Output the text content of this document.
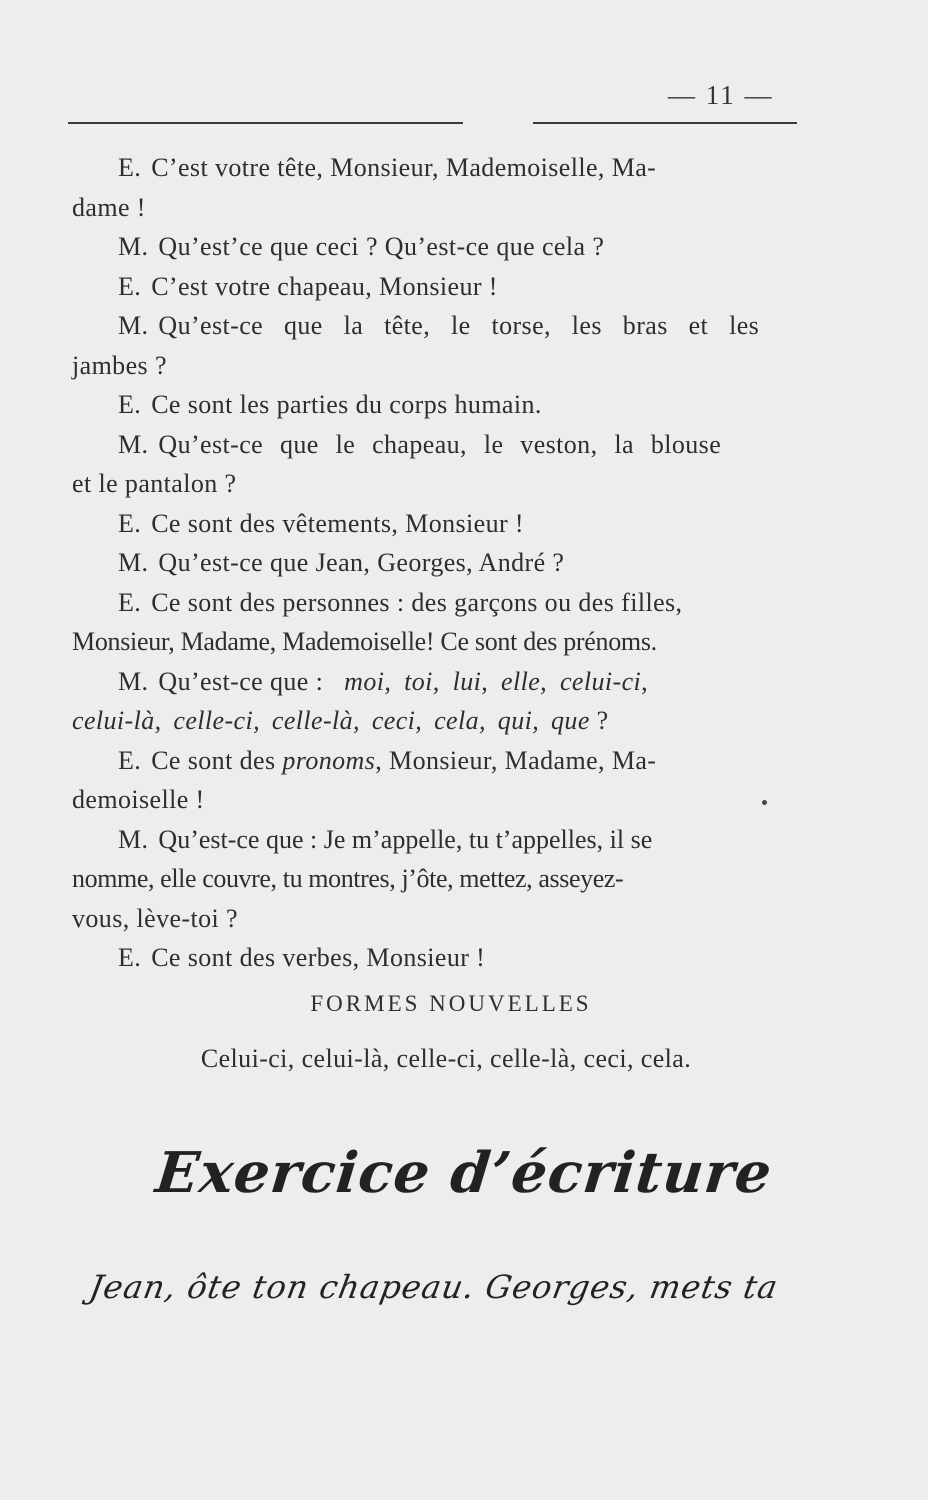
— 11 —
E. C’est votre tête, Monsieur, Mademoiselle, Ma-
dame !
M. Qu’est’ce que ceci ? Qu’est-ce que cela ?
E. C’est votre chapeau, Monsieur !
M. Qu’est-ce que la tête, le torse, les bras et les
jambes ?
E. Ce sont les parties du corps humain.
M. Qu’est-ce que le chapeau, le veston, la blouse
et le pantalon ?
E. Ce sont des vêtements, Monsieur !
M. Qu’est-ce que Jean, Georges, André ?
E. Ce sont des personnes : des garçons ou des filles,
Monsieur, Madame, Mademoiselle! Ce sont des prénoms.
M. Qu’est-ce que : moi, toi, lui, elle, celui-ci,
celui-là, celle-ci, celle-là, ceci, cela, qui, que ?
E. Ce sont des pronoms, Monsieur, Madame, Ma-
demoiselle !
M. Qu’est-ce que : Je m’appelle, tu t’appelles, il se
nomme, elle couvre, tu montres, j’ôte, mettez, asseyez-
vous, lève-toi ?
E. Ce sont des verbes, Monsieur !
FORMES NOUVELLES
Celui-ci, celui-là, celle-ci, celle-là, ceci, cela.
Exercice d’écriture
Jean, ôte ton chapeau. Georges, mets ta
